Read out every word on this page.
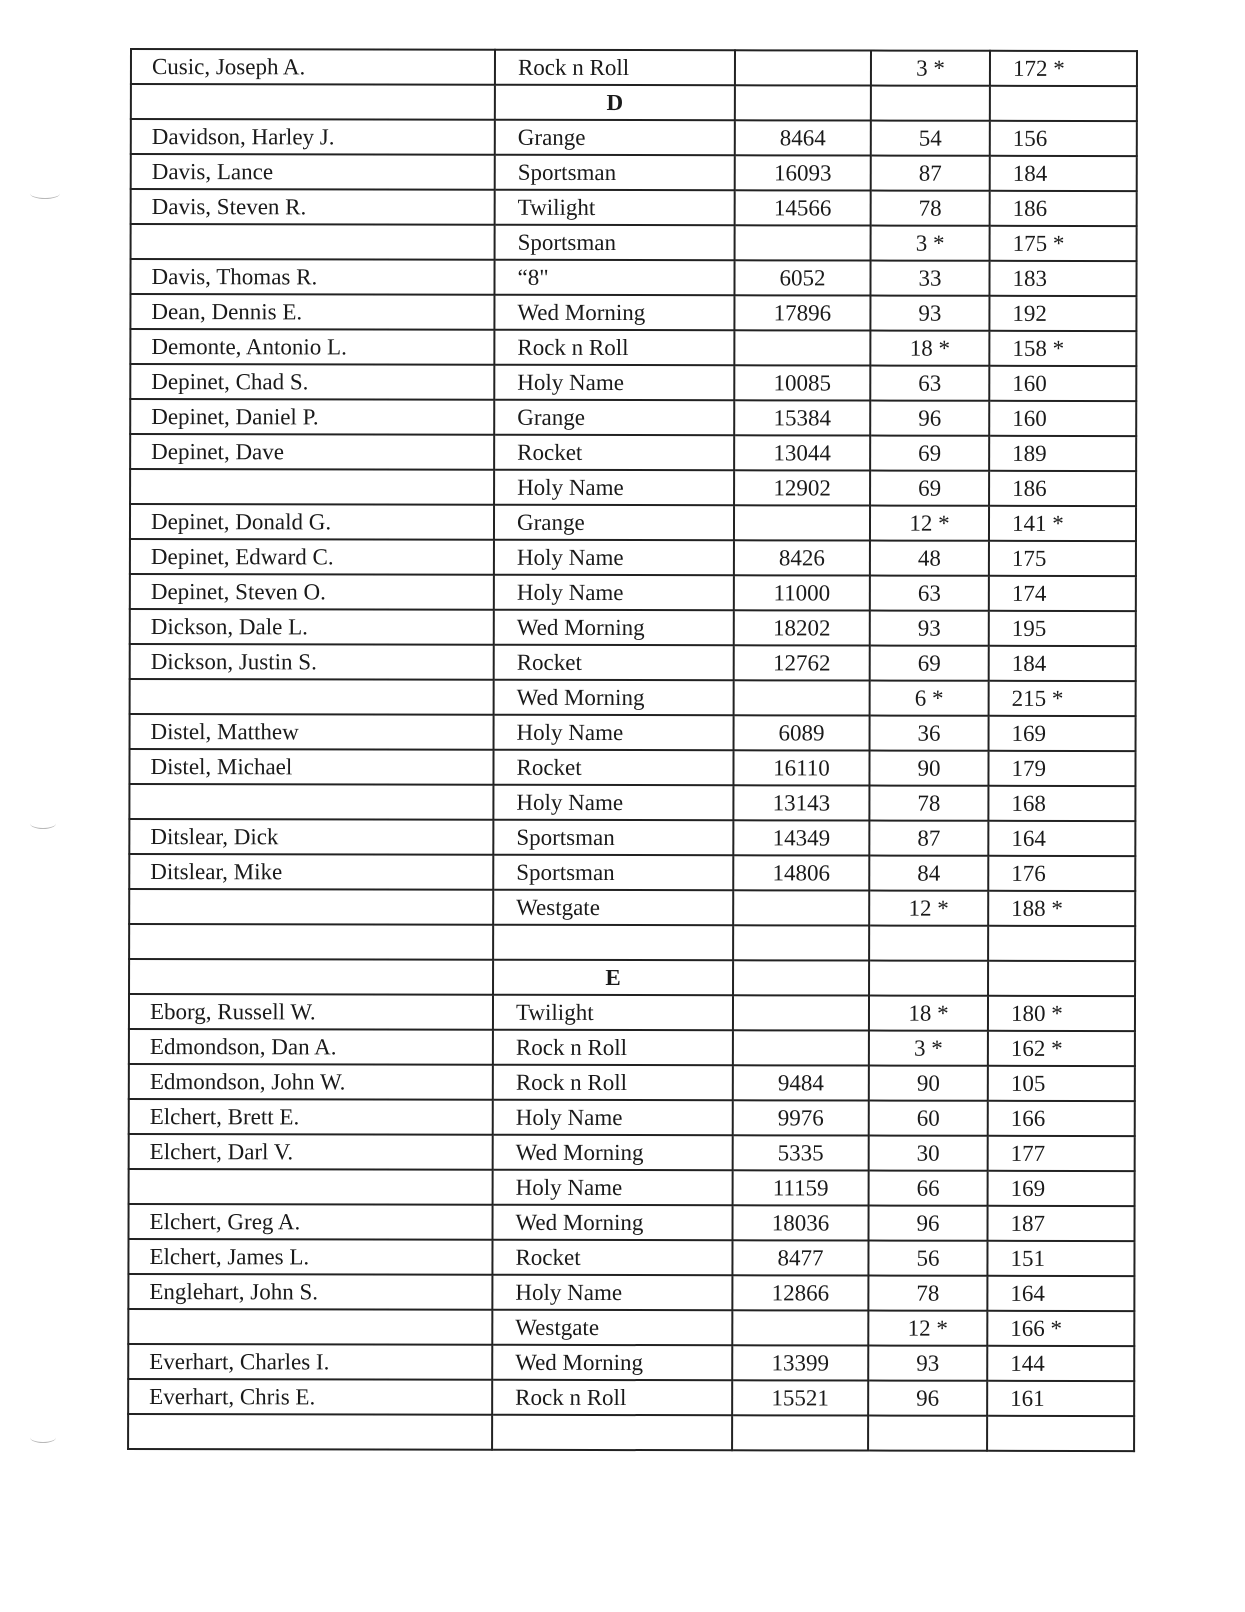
Cusic, Joseph A.	Rock n Roll		3 *	172 *
	D			
Davidson, Harley J.	Grange	8464	54	156
Davis, Lance	Sportsman	16093	87	184
Davis, Steven R.	Twilight	14566	78	186
	Sportsman		3 *	175 *
Davis, Thomas R.	“8"	6052	33	183
Dean, Dennis E.	Wed Morning	17896	93	192
Demonte, Antonio L.	Rock n Roll		18 *	158 *
Depinet, Chad S.	Holy Name	10085	63	160
Depinet, Daniel P.	Grange	15384	96	160
Depinet, Dave	Rocket	13044	69	189
	Holy Name	12902	69	186
Depinet, Donald G.	Grange		12 *	141 *
Depinet, Edward C.	Holy Name	8426	48	175
Depinet, Steven O.	Holy Name	11000	63	174
Dickson, Dale L.	Wed Morning	18202	93	195
Dickson, Justin S.	Rocket	12762	69	184
	Wed Morning		6 *	215 *
Distel, Matthew	Holy Name	6089	36	169
Distel, Michael	Rocket	16110	90	179
	Holy Name	13143	78	168
Ditslear, Dick	Sportsman	14349	87	164
Ditslear, Mike	Sportsman	14806	84	176
	Westgate		12 *	188 *

	E			
Eborg, Russell W.	Twilight		18 *	180 *
Edmondson, Dan A.	Rock n Roll		3 *	162 *
Edmondson, John W.	Rock n Roll	9484	90	105
Elchert, Brett E.	Holy Name	9976	60	166
Elchert, Darl V.	Wed Morning	5335	30	177
	Holy Name	11159	66	169
Elchert, Greg A.	Wed Morning	18036	96	187
Elchert, James L.	Rocket	8477	56	151
Englehart, John S.	Holy Name	12866	78	164
	Westgate		12 *	166 *
Everhart, Charles I.	Wed Morning	13399	93	144
Everhart, Chris E.	Rock n Roll	15521	96	161
